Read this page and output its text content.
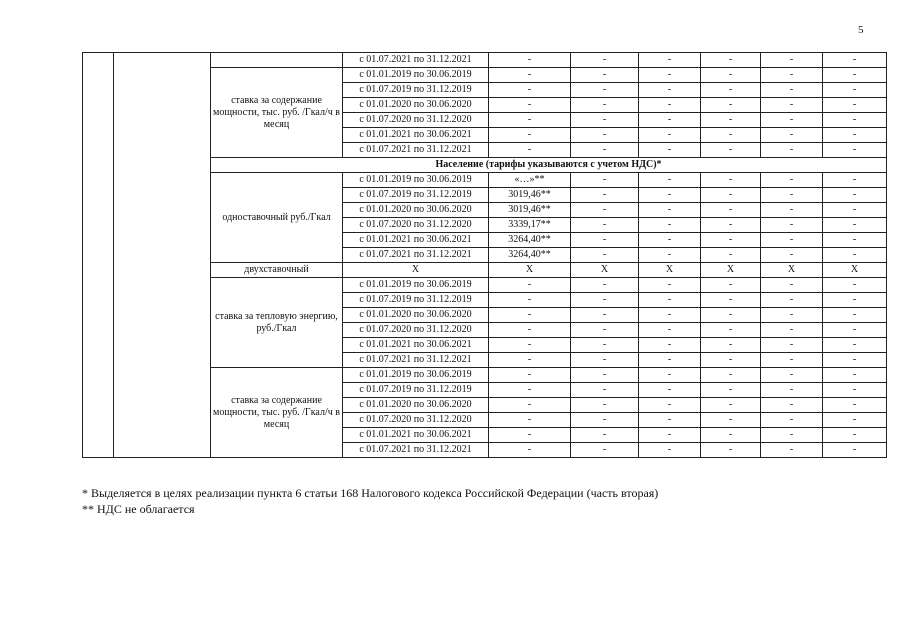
5
			с 01.07.2021 по 31.12.2021	-	-	-	-	-	-
		ставка за содержание мощности, тыс. руб. /Гкал/ч в месяц	с 01.01.2019 по 30.06.2019	-	-	-	-	-	-
			с 01.07.2019 по 31.12.2019	-	-	-	-	-	-
			с 01.01.2020 по 30.06.2020	-	-	-	-	-	-
			с 01.07.2020 по 31.12.2020	-	-	-	-	-	-
			с 01.01.2021 по 30.06.2021	-	-	-	-	-	-
			с 01.07.2021 по 31.12.2021	-	-	-	-	-	-
		Население (тарифы указываются с учетом НДС)*							
		одноставочный руб./Гкал	с 01.01.2019 по 30.06.2019	«…»**	-	-	-	-	-
			с 01.07.2019 по 31.12.2019	3019,46**	-	-	-	-	-
			с 01.01.2020 по 30.06.2020	3019,46**	-	-	-	-	-
			с 01.07.2020 по 31.12.2020	3339,17**	-	-	-	-	-
			с 01.01.2021 по 30.06.2021	3264,40**	-	-	-	-	-
			с 01.07.2021 по 31.12.2021	3264,40**	-	-	-	-	-
		двухставочный	X	X	X	X	X	X	X
		ставка за тепловую энергию, руб./Гкал	с 01.01.2019 по 30.06.2019	-	-	-	-	-	-
			с 01.07.2019 по 31.12.2019	-	-	-	-	-	-
			с 01.01.2020 по 30.06.2020	-	-	-	-	-	-
			с 01.07.2020 по 31.12.2020	-	-	-	-	-	-
			с 01.01.2021 по 30.06.2021	-	-	-	-	-	-
			с 01.07.2021 по 31.12.2021	-	-	-	-	-	-
		ставка за содержание мощности, тыс. руб. /Гкал/ч в месяц	с 01.01.2019 по 30.06.2019	-	-	-	-	-	-
			с 01.07.2019 по 31.12.2019	-	-	-	-	-	-
			с 01.01.2020 по 30.06.2020	-	-	-	-	-	-
			с 01.07.2020 по 31.12.2020	-	-	-	-	-	-
			с 01.01.2021 по 30.06.2021	-	-	-	-	-	-
			с 01.07.2021 по 31.12.2021	-	-	-	-	-	-
* Выделяется в целях реализации пункта 6 статьи 168 Налогового кодекса Российской Федерации (часть вторая)
** НДС не облагается
